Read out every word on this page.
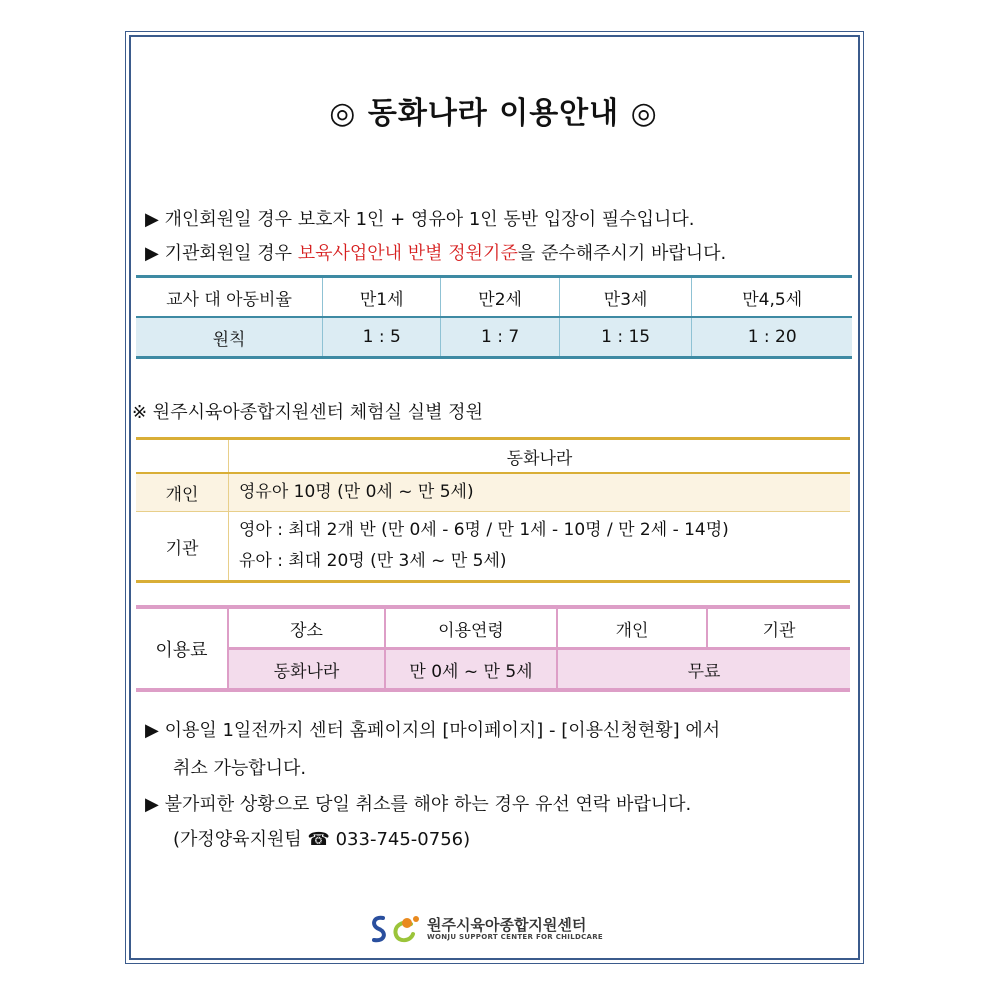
◎ 동화나라 이용안내 ◎
▶ 개인회원일 경우 보호자 1인 + 영유아 1인 동반 입장이 필수입니다.
▶ 기관회원일 경우 보육사업안내 반별 정원기준을 준수해주시기 바랍니다.
교사 대 아동비율	만1세	만2세	만3세	만4,5세
원칙	1 : 5	1 : 7	1 : 15	1 : 20
※ 원주시육아종합지원센터 체험실 실별 정원
	동화나라
개인	영유아 10명 (만 0세 ~ 만 5세)
기관	영아 : 최대 2개 반 (만 0세 - 6명 / 만 1세 - 10명 / 만 2세 - 14명)
유아 : 최대 20명 (만 3세 ~ 만 5세)
이용료	장소	이용연령	개인	기관
	동화나라	만 0세 ~ 만 5세	무료	
▶ 이용일 1일전까지 센터 홈페이지의 [마이페이지] - [이용신청현황] 에서
취소 가능합니다.
▶ 불가피한 상황으로 당일 취소를 해야 하는 경우 유선 연락 바랍니다.
(가정양육지원팀 ☎ 033-745-0756)
원주시육아종합지원센터
WONJU SUPPORT CENTER FOR CHILDCARE
